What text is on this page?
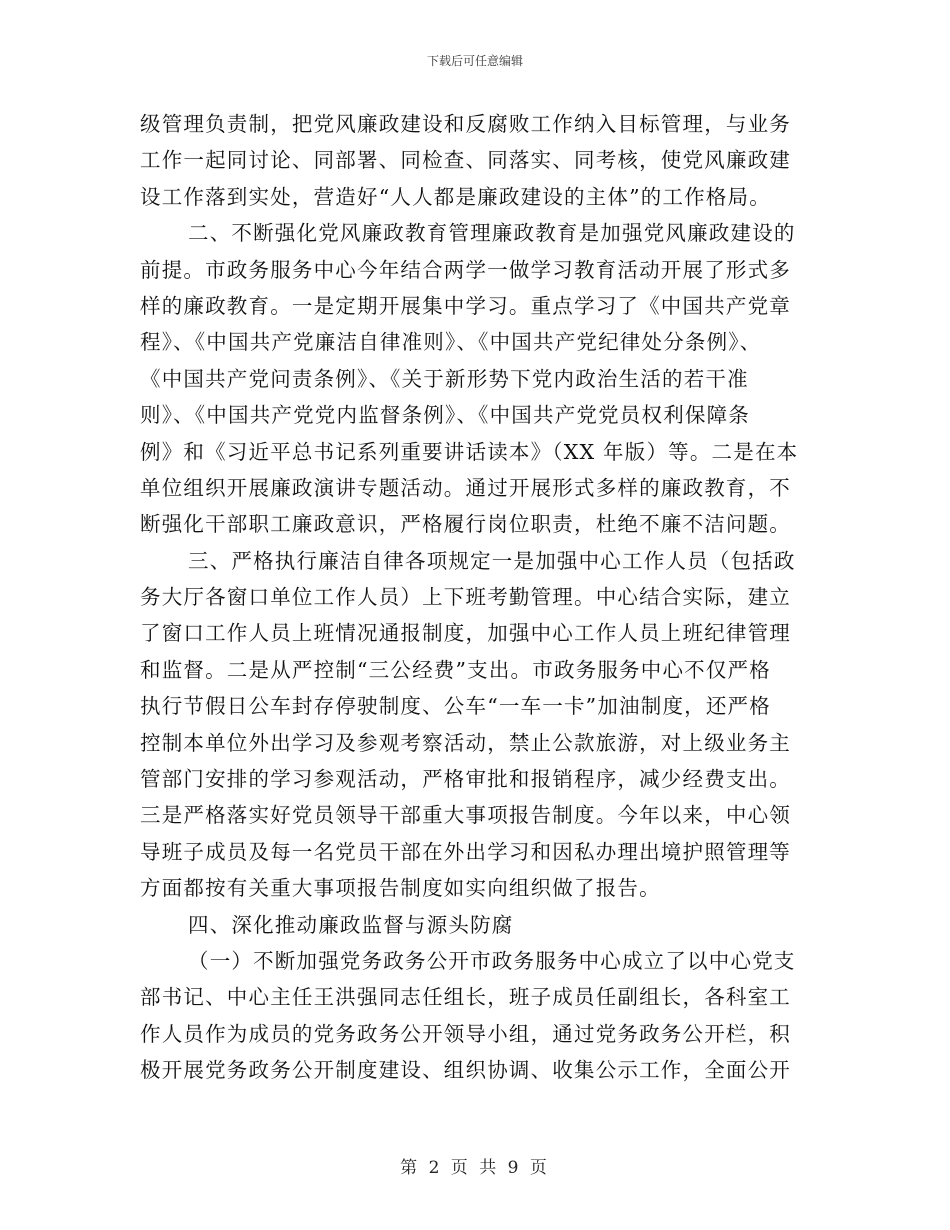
下载后可任意编辑
级管理负责制，把党风廉政建设和反腐败工作纳入目标管理，与业务
工作一起同讨论、同部署、同检查、同落实、同考核，使党风廉政建
设工作落到实处，营造好“人人都是廉政建设的主体”的工作格局。
二、不断强化党风廉政教育管理廉政教育是加强党风廉政建设的
前提。市政务服务中心今年结合两学一做学习教育活动开展了形式多
样的廉政教育。一是定期开展集中学习。重点学习了《中国共产党章
程》、《中国共产党廉洁自律准则》、《中国共产党纪律处分条例》、
《中国共产党问责条例》、《关于新形势下党内政治生活的若干准
则》、《中国共产党党内监督条例》、《中国共产党党员权利保障条
例》和《习近平总书记系列重要讲话读本》（XX 年版）等。二是在本
单位组织开展廉政演讲专题活动。通过开展形式多样的廉政教育，不
断强化干部职工廉政意识，严格履行岗位职责，杜绝不廉不洁问题。
三、严格执行廉洁自律各项规定一是加强中心工作人员（包括政
务大厅各窗口单位工作人员）上下班考勤管理。中心结合实际，建立
了窗口工作人员上班情况通报制度，加强中心工作人员上班纪律管理
和监督。二是从严控制“三公经费”支出。市政务服务中心不仅严格
执行节假日公车封存停驶制度、公车“一车一卡”加油制度，还严格
控制本单位外出学习及参观考察活动，禁止公款旅游，对上级业务主
管部门安排的学习参观活动，严格审批和报销程序，减少经费支出。
三是严格落实好党员领导干部重大事项报告制度。今年以来，中心领
导班子成员及每一名党员干部在外出学习和因私办理出境护照管理等
方面都按有关重大事项报告制度如实向组织做了报告。
四、深化推动廉政监督与源头防腐
（一）不断加强党务政务公开市政务服务中心成立了以中心党支
部书记、中心主任王洪强同志任组长，班子成员任副组长，各科室工
作人员作为成员的党务政务公开领导小组，通过党务政务公开栏，积
极开展党务政务公开制度建设、组织协调、收集公示工作，全面公开
第 2 页 共 9 页
